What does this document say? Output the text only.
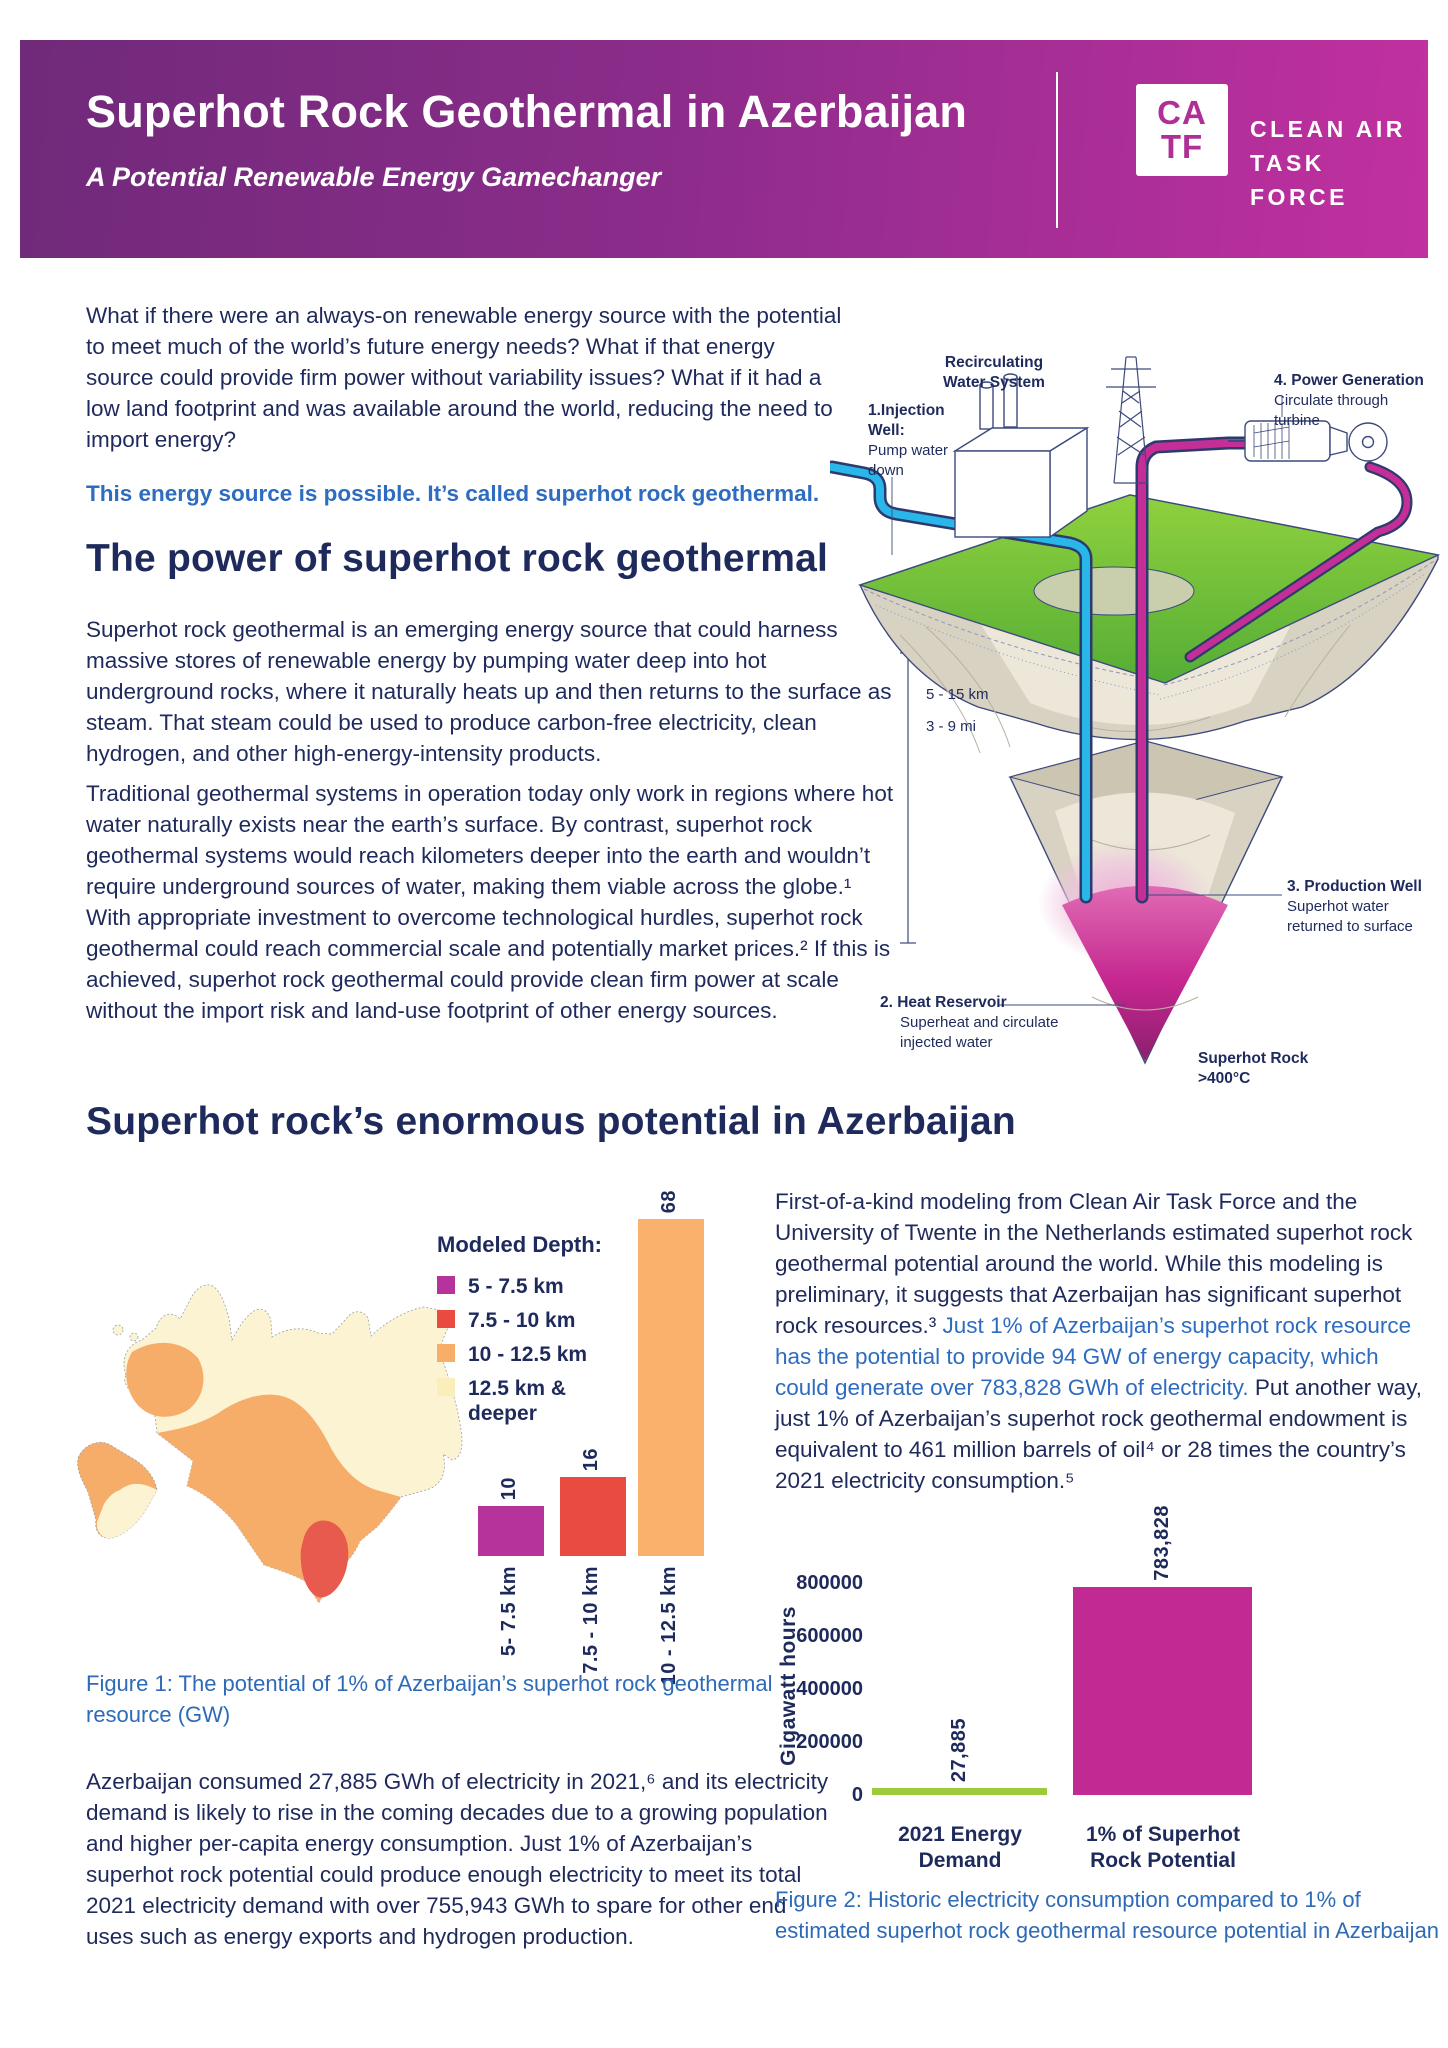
Superhot Rock Geothermal in Azerbaijan
A Potential Renewable Energy Gamechanger
CA
TF	CLEAN AIR
TASK FORCE
What if there were an always-on renewable energy source with the potential to meet much of the world’s future energy needs? What if that energy source could provide firm power without variability issues? What if it had a low land footprint and was available around the world, reducing the need to import energy?
This energy source is possible. It’s called superhot rock geothermal.
The power of superhot rock geothermal
Superhot rock geothermal is an emerging energy source that could harness massive stores of renewable energy by pumping water deep into hot underground rocks, where it naturally heats up and then returns to the surface as steam. That steam could be used to produce carbon-free electricity, clean hydrogen, and other high-energy-intensity products.
Traditional geothermal systems in operation today only work in regions where hot water naturally exists near the earth’s surface. By contrast, superhot rock geothermal systems would reach kilometers deeper into the earth and wouldn’t require underground sources of water, making them viable across the globe.¹ With appropriate investment to overcome technological hurdles, superhot rock geothermal could reach commercial scale and potentially market prices.² If this is achieved, superhot rock geothermal could provide clean firm power at scale without the import risk and land-use footprint of other energy sources.
Recirculating
Water System
1.Injection
Well:
Pump water
down
4. Power Generation
Circulate through
turbine
5 - 15 km
3 - 9 mi
3. Production Well
Superhot water
returned to surface
2. Heat Reservoir
Superheat and circulate
injected water
Superhot Rock
>400°C
Superhot rock’s enormous potential in Azerbaijan
Modeled Depth:
5 - 7.5 km
7.5 - 10 km
10 - 12.5 km
12.5 km & deeper
10
5- 7.5 km
16
7.5 - 10 km
68
10 - 12.5 km
Figure 1: The potential of 1% of Azerbaijan’s superhot rock geothermal resource (GW)
Azerbaijan consumed 27,885 GWh of electricity in 2021,⁶ and its electricity demand is likely to rise in the coming decades due to a growing population and higher per-capita energy consumption. Just 1% of Azerbaijan’s superhot rock potential could produce enough electricity to meet its total 2021 electricity demand with over 755,943 GWh to spare for other end uses such as energy exports and hydrogen production.
First-of-a-kind modeling from Clean Air Task Force and the University of Twente in the Netherlands estimated superhot rock geothermal potential around the world. While this modeling is preliminary, it suggests that Azerbaijan has significant superhot rock resources.³ Just 1% of Azerbaijan’s superhot rock resource has the potential to provide 94 GW of energy capacity, which could generate over 783,828 GWh of electricity. Put another way, just 1% of Azerbaijan’s superhot rock geothermal endowment is equivalent to 461 million barrels of oil⁴ or 28 times the country’s 2021 electricity consumption.⁵
Gigawatt hours
0
200000
400000
600000
800000
27,885
2021 Energy
Demand
783,828
1% of Superhot
Rock Potential
Figure 2: Historic electricity consumption compared to 1% of estimated superhot rock geothermal resource potential in Azerbaijan
